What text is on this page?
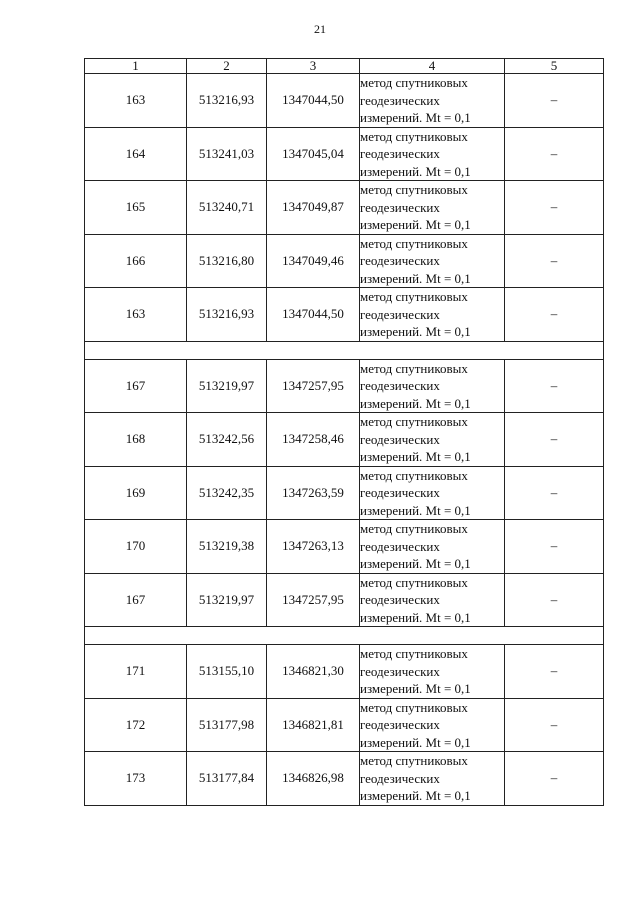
21
1	2	3	4	5
163	513216,93	1347044,50	метод спутниковых
геодезических
измерений. Mt = 0,1	–
164	513241,03	1347045,04	метод спутниковых
геодезических
измерений. Mt = 0,1	–
165	513240,71	1347049,87	метод спутниковых
геодезических
измерений. Mt = 0,1	–
166	513216,80	1347049,46	метод спутниковых
геодезических
измерений. Mt = 0,1	–
163	513216,93	1347044,50	метод спутниковых
геодезических
измерений. Mt = 0,1	–

167	513219,97	1347257,95	метод спутниковых
геодезических
измерений. Mt = 0,1	–
168	513242,56	1347258,46	метод спутниковых
геодезических
измерений. Mt = 0,1	–
169	513242,35	1347263,59	метод спутниковых
геодезических
измерений. Mt = 0,1	–
170	513219,38	1347263,13	метод спутниковых
геодезических
измерений. Mt = 0,1	–
167	513219,97	1347257,95	метод спутниковых
геодезических
измерений. Mt = 0,1	–

171	513155,10	1346821,30	метод спутниковых
геодезических
измерений. Mt = 0,1	–
172	513177,98	1346821,81	метод спутниковых
геодезических
измерений. Mt = 0,1	–
173	513177,84	1346826,98	метод спутниковых
геодезических
измерений. Mt = 0,1	–
